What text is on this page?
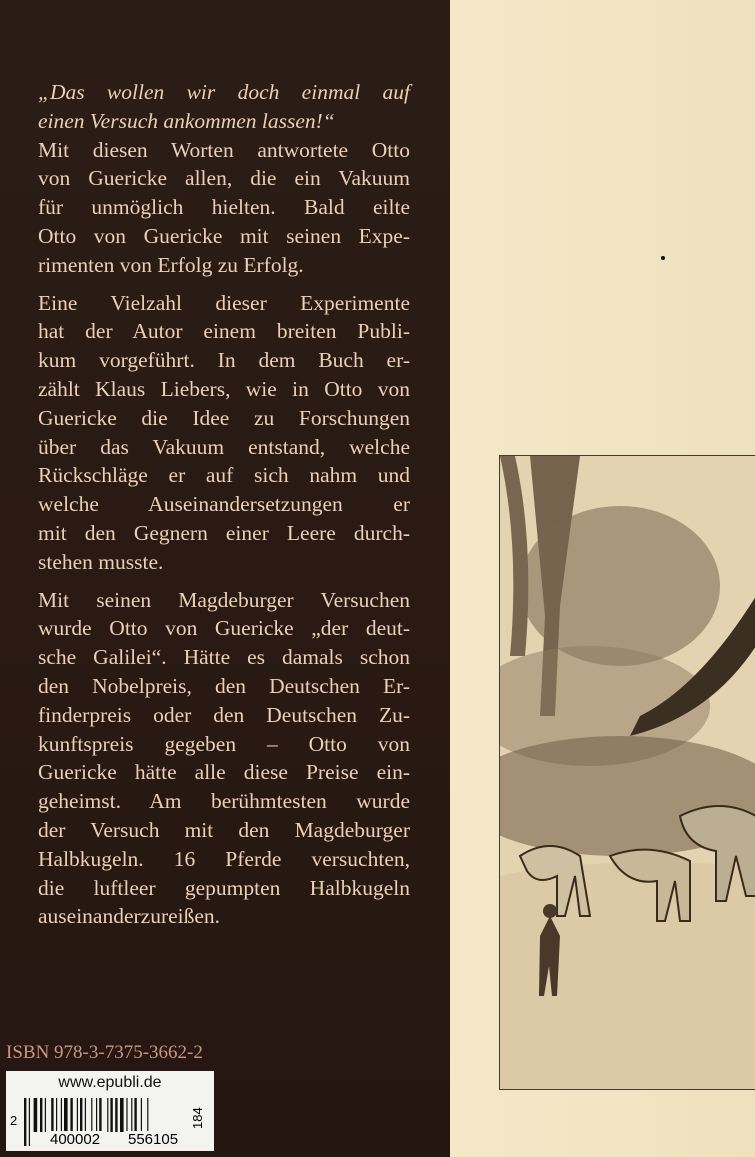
„Das wollen wir doch einmal auf
einen Versuch ankommen lassen!“
Mit diesen Worten antwortete Otto
von Guericke allen, die ein Vakuum
für unmöglich hielten. Bald eilte
Otto von Guericke mit seinen Expe-
rimenten von Erfolg zu Erfolg.
Eine Vielzahl dieser Experimente
hat der Autor einem breiten Publi-
kum vorgeführt. In dem Buch er-
zählt Klaus Liebers, wie in Otto von
Guericke die Idee zu Forschungen
über das Vakuum entstand, welche
Rückschläge er auf sich nahm und
welche Auseinandersetzungen er
mit den Gegnern einer Leere durch-
stehen musste.
Mit seinen Magdeburger Versuchen
wurde Otto von Guericke „der deut-
sche Galilei“. Hätte es damals schon
den Nobelpreis, den Deutschen Er-
finderpreis oder den Deutschen Zu-
kunftspreis gegeben – Otto von
Guericke hätte alle diese Preise ein-
geheimst. Am berühmtesten wurde
der Versuch mit den Magdeburger
Halbkugeln. 16 Pferde versuchten,
die luftleer gepumpten Halbkugeln
auseinanderzureißen.
ISBN 978-3-7375-3662-2
www.epubli.de
2
400002 556105
184
